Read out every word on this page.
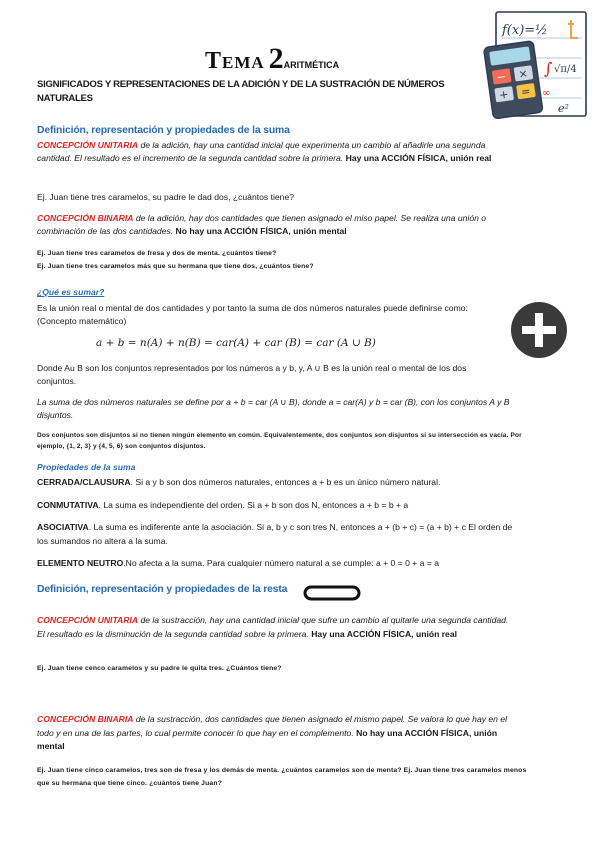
f(x)=½
∫ √π/4
∞
e²
− ×
+ =
Tema 2ARITMÉTICA
SIGNIFICADOS Y REPRESENTACIONES DE LA ADICIÓN Y DE LA SUSTRACIÓN DE NÚMEROS NATURALES
Definición, representación y propiedades de la suma
CONCEPCIÓN UNITARIA de la adición, hay una cantidad inicial que experimenta un cambio al añadirle una segunda cantidad. El resultado es el incremento de la segunda cantidad sobre la primera. Hay una ACCIÓN FÍSICA, unión real
Ej. Juan tiene tres caramelos, su padre le dad dos, ¿cuántos tiene?
CONCEPCIÓN BINARIA de la adición, hay dos cantidades que tienen asignado el miso papel. Se realiza una unión o combinación de las dos cantidades. No hay una ACCIÓN FÍSICA, unión mental
Ej. Juan tiene tres caramelos de fresa y dos de menta. ¿cuántos tiene?
Ej. Juan tiene tres caramelos más que su hermana que tiene dos, ¿cuántos tiene?
¿Qué es sumar?
Es la unión real o mental de dos cantidades y por tanto la suma de dos números naturales puede definirse como: (Concepto matemático)
a + b = n(A) + n(B) = car(A) + car (B) = car (A ∪ B)
Donde Au B son los conjuntos representados por los números a y b, y, A ∪ B es la unión real o mental de los dos conjuntos.
La suma de dos números naturales se define por a + b = car (A ∪ B), donde a = car(A) y b = car (B), con los conjuntos A y B disjuntos.
Dos conjuntos son disjuntos si no tienen ningún elemento en común. Equivalentemente, dos conjuntos son disjuntos si su intersección es vacía. Por ejemplo, {1, 2, 3} y {4, 5, 6} son conjuntos disjuntos.
Propiedades de la suma
CERRADA/CLAUSURA. Si a y b son dos números naturales, entonces a + b es un único número natural.
CONMUTATIVA. La suma es independiente del orden. Si a + b son dos N, entonces a + b = b + a
ASOCIATIVA. La suma es indiferente ante la asociación. Si a, b y c son tres N, entonces a + (b + c) = (a + b) + c El orden de los sumandos no altera a la suma.
ELEMENTO NEUTRO.No afecta a la suma. Para cualquier número natural a se cumple: a + 0 = 0 + a = a
Definición, representación y propiedades de la resta
CONCEPCIÓN UNITARIA de la sustracción, hay una cantidad inicial que sufre un cambio al quitarle una segunda cantidad. El resultado es la disminución de la segunda cantidad sobre la primera. Hay una ACCIÓN FÍSICA, unión real
Ej. Juan tiene cenco caramelos y su padre le quita tres. ¿Cuántos tiene?
CONCEPCIÓN BINARIA de la sustracción, dos cantidades que tienen asignado el mismo papel. Se valora lo que hay en el todo y en una de las partes, lo cual permite conocer lo que hay en el complemento. No hay una ACCIÓN FÍSICA, unión mental
Ej. Juan tiene cinco caramelos, tres son de fresa y los demás de menta. ¿cuántos caramelos son de menta? Ej. Juan tiene tres caramelos menos que su hermana que tiene cinco. ¿cuántos tiene Juan?
